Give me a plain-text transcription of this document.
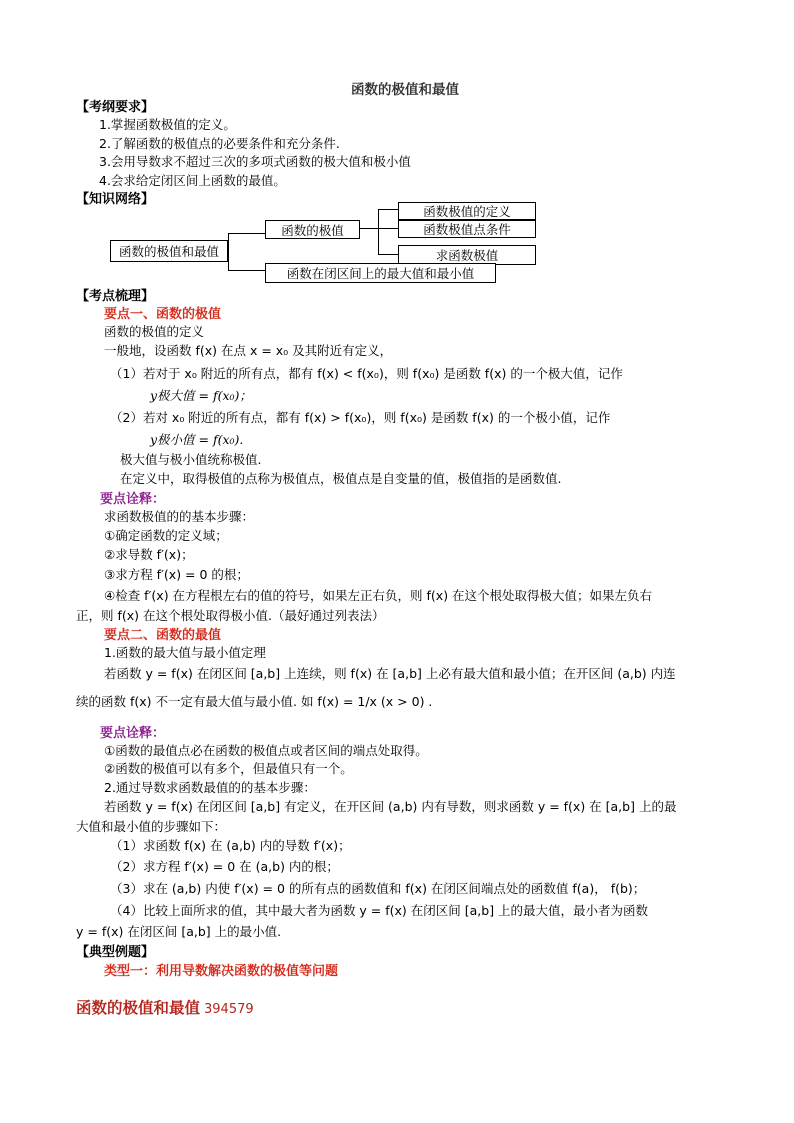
函数的极值和最值
【考纲要求】
1.掌握函数极值的定义。
2.了解函数的极值点的必要条件和充分条件.
3.会用导数求不超过三次的多项式函数的极大值和极小值
4.会求给定闭区间上函数的最值。
【知识网络】
函数的极值和最值
函数的极值
函数极值的定义
函数极值点条件
求函数极值
函数在闭区间上的最大值和最小值
【考点梳理】
要点一、函数的极值
函数的极值的定义
一般地，设函数 f(x) 在点 x = x₀ 及其附近有定义，
（1）若对于 x₀ 附近的所有点，都有 f(x) < f(x₀)，则 f(x₀) 是函数 f(x) 的一个极大值，记作
y极大值 = f(x₀)；
（2）若对 x₀ 附近的所有点，都有 f(x) > f(x₀)，则 f(x₀) 是函数 f(x) 的一个极小值，记作
y极小值 = f(x₀).
极大值与极小值统称极值.
在定义中，取得极值的点称为极值点，极值点是自变量的值，极值指的是函数值.
要点诠释：
求函数极值的的基本步骤：
①确定函数的定义域；
②求导数 f′(x)；
③求方程 f′(x) = 0 的根；
④检查 f′(x) 在方程根左右的值的符号，如果左正右负，则 f(x) 在这个根处取得极大值；如果左负右
正，则 f(x) 在这个根处取得极小值.（最好通过列表法）
要点二、函数的最值
1.函数的最大值与最小值定理
若函数 y = f(x) 在闭区间 [a,b] 上连续，则 f(x) 在 [a,b] 上必有最大值和最小值；在开区间 (a,b) 内连
续的函数 f(x) 不一定有最大值与最小值. 如 f(x) = 1/x (x > 0) .
要点诠释：
①函数的最值点必在函数的极值点或者区间的端点处取得。
②函数的极值可以有多个，但最值只有一个。
2.通过导数求函数最值的的基本步骤：
若函数 y = f(x) 在闭区间 [a,b] 有定义，在开区间 (a,b) 内有导数，则求函数 y = f(x) 在 [a,b] 上的最
大值和最小值的步骤如下：
（1）求函数 f(x) 在 (a,b) 内的导数 f′(x)；
（2）求方程 f′(x) = 0 在 (a,b) 内的根；
（3）求在 (a,b) 内使 f′(x) = 0 的所有点的函数值和 f(x) 在闭区间端点处的函数值 f(a)， f(b)；
（4）比较上面所求的值，其中最大者为函数 y = f(x) 在闭区间 [a,b] 上的最大值，最小者为函数
y = f(x) 在闭区间 [a,b] 上的最小值.
【典型例题】
类型一：利用导数解决函数的极值等问题
函数的极值和最值 394579
